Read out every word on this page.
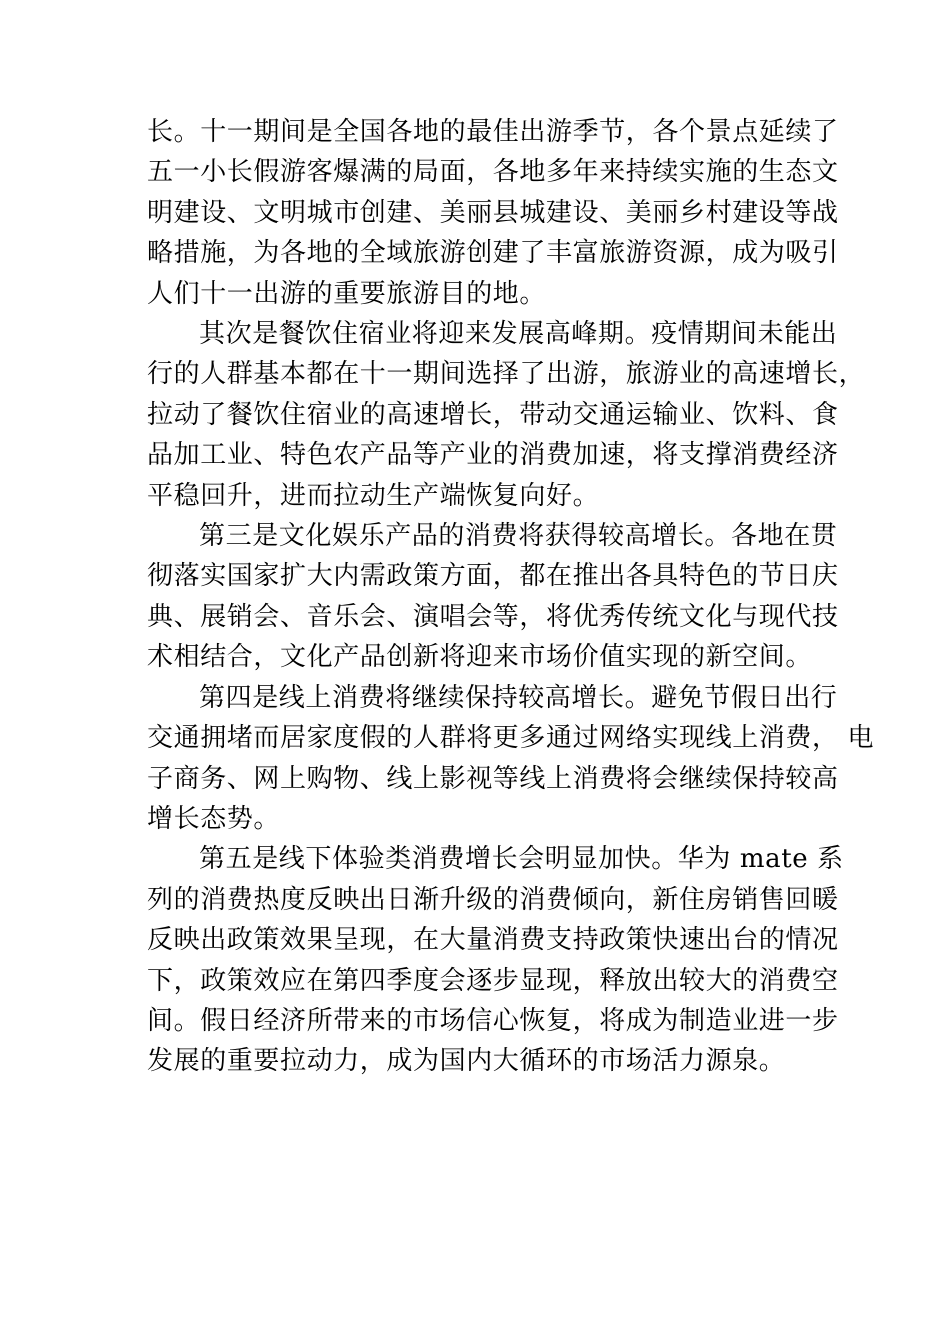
长。十一期间是全国各地的最佳出游季节，各个景点延续了
五一小长假游客爆满的局面，各地多年来持续实施的生态文
明建设、文明城市创建、美丽县城建设、美丽乡村建设等战
略措施，为各地的全域旅游创建了丰富旅游资源，成为吸引
人们十一出游的重要旅游目的地。

其次是餐饮住宿业将迎来发展高峰期。疫情期间未能出
行的人群基本都在十一期间选择了出游，旅游业的高速增长，
拉动了餐饮住宿业的高速增长，带动交通运输业、饮料、食
品加工业、特色农产品等产业的消费加速，将支撑消费经济
平稳回升，进而拉动生产端恢复向好。

第三是文化娱乐产品的消费将获得较高增长。各地在贯
彻落实国家扩大内需政策方面，都在推出各具特色的节日庆
典、展销会、音乐会、演唱会等，将优秀传统文化与现代技
术相结合，文化产品创新将迎来市场价值实现的新空间。

第四是线上消费将继续保持较高增长。避免节假日出行
交通拥堵而居家度假的人群将更多通过网络实现线上消费， 电
子商务、网上购物、线上影视等线上消费将会继续保持较高
增长态势。

第五是线下体验类消费增长会明显加快。华为 mate 系
列的消费热度反映出日渐升级的消费倾向，新住房销售回暖
反映出政策效果呈现，在大量消费支持政策快速出台的情况
下，政策效应在第四季度会逐步显现，释放出较大的消费空
间。假日经济所带来的市场信心恢复，将成为制造业进一步
发展的重要拉动力，成为国内大循环的市场活力源泉。
